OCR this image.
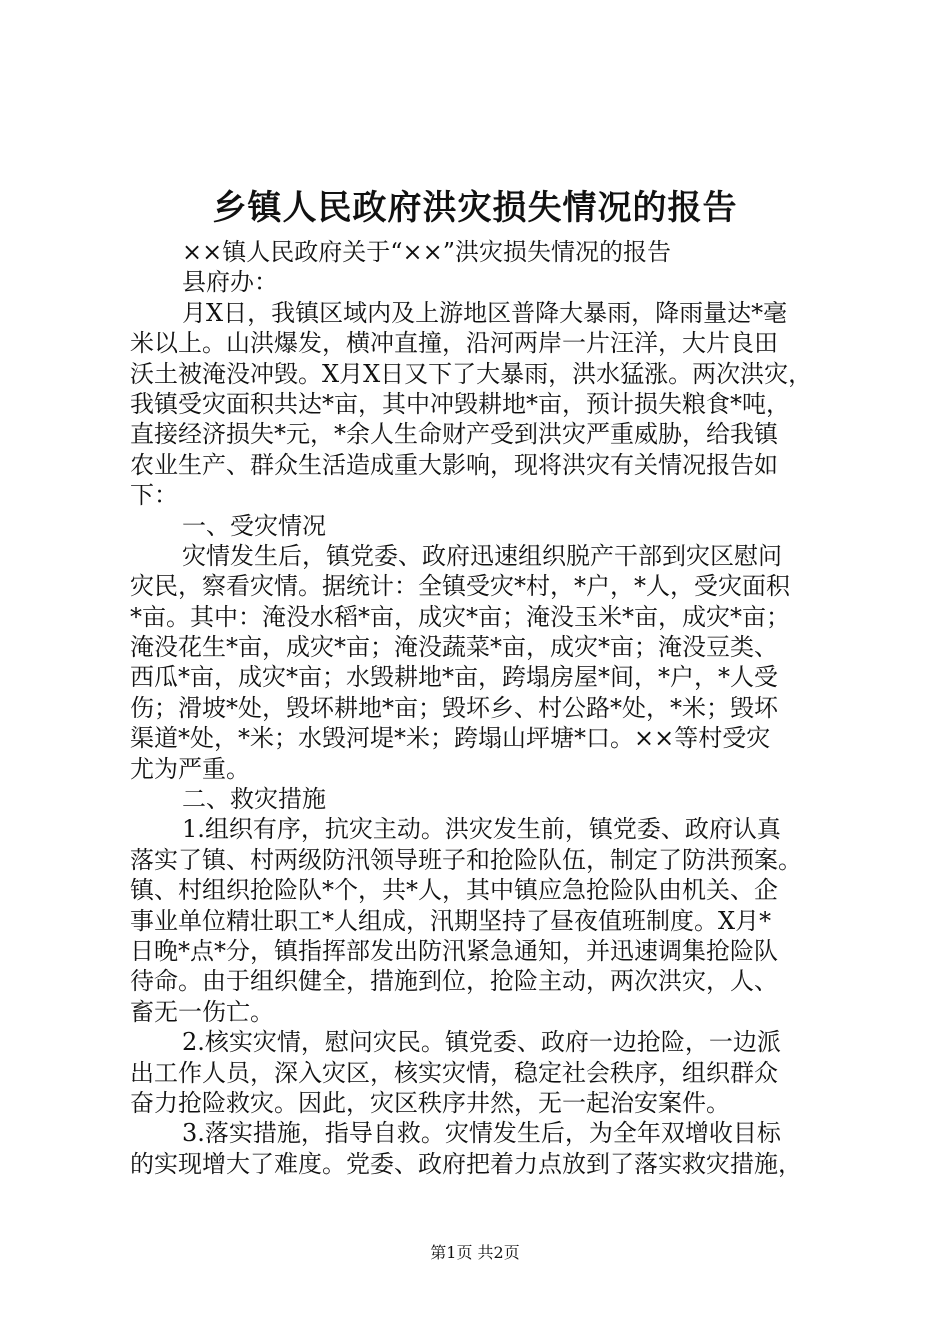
乡镇人民政府洪灾损失情况的报告
××镇人民政府关于“××”洪灾损失情况的报告
县府办：
月X日，我镇区域内及上游地区普降大暴雨，降雨量达*毫
米以上。山洪爆发，横冲直撞，沿河两岸一片汪洋，大片良田
沃土被淹没冲毁。X月X日又下了大暴雨，洪水猛涨。两次洪灾，
我镇受灾面积共达*亩，其中冲毁耕地*亩，预计损失粮食*吨，
直接经济损失*元，*余人生命财产受到洪灾严重威胁，给我镇
农业生产、群众生活造成重大影响，现将洪灾有关情况报告如
下：
一、受灾情况
灾情发生后，镇党委、政府迅速组织脱产干部到灾区慰问
灾民，察看灾情。据统计：全镇受灾*村，*户，*人，受灾面积
*亩。其中：淹没水稻*亩，成灾*亩；淹没玉米*亩，成灾*亩；
淹没花生*亩，成灾*亩；淹没蔬菜*亩，成灾*亩；淹没豆类、
西瓜*亩，成灾*亩；水毁耕地*亩，跨塌房屋*间，*户，*人受
伤；滑坡*处，毁坏耕地*亩；毁坏乡、村公路*处，*米；毁坏
渠道*处，*米；水毁河堤*米；跨塌山坪塘*口。××等村受灾
尤为严重。
二、救灾措施
1.组织有序，抗灾主动。洪灾发生前，镇党委、政府认真
落实了镇、村两级防汛领导班子和抢险队伍，制定了防洪预案。
镇、村组织抢险队*个，共*人，其中镇应急抢险队由机关、企
事业单位精壮职工*人组成，汛期坚持了昼夜值班制度。X月*
日晚*点*分，镇指挥部发出防汛紧急通知，并迅速调集抢险队
待命。由于组织健全，措施到位，抢险主动，两次洪灾，人、
畜无一伤亡。
2.核实灾情，慰问灾民。镇党委、政府一边抢险，一边派
出工作人员，深入灾区，核实灾情，稳定社会秩序，组织群众
奋力抢险救灾。因此，灾区秩序井然，无一起治安案件。
3.落实措施，指导自救。灾情发生后，为全年双增收目标
的实现增大了难度。党委、政府把着力点放到了落实救灾措施，
第1页 共2页
